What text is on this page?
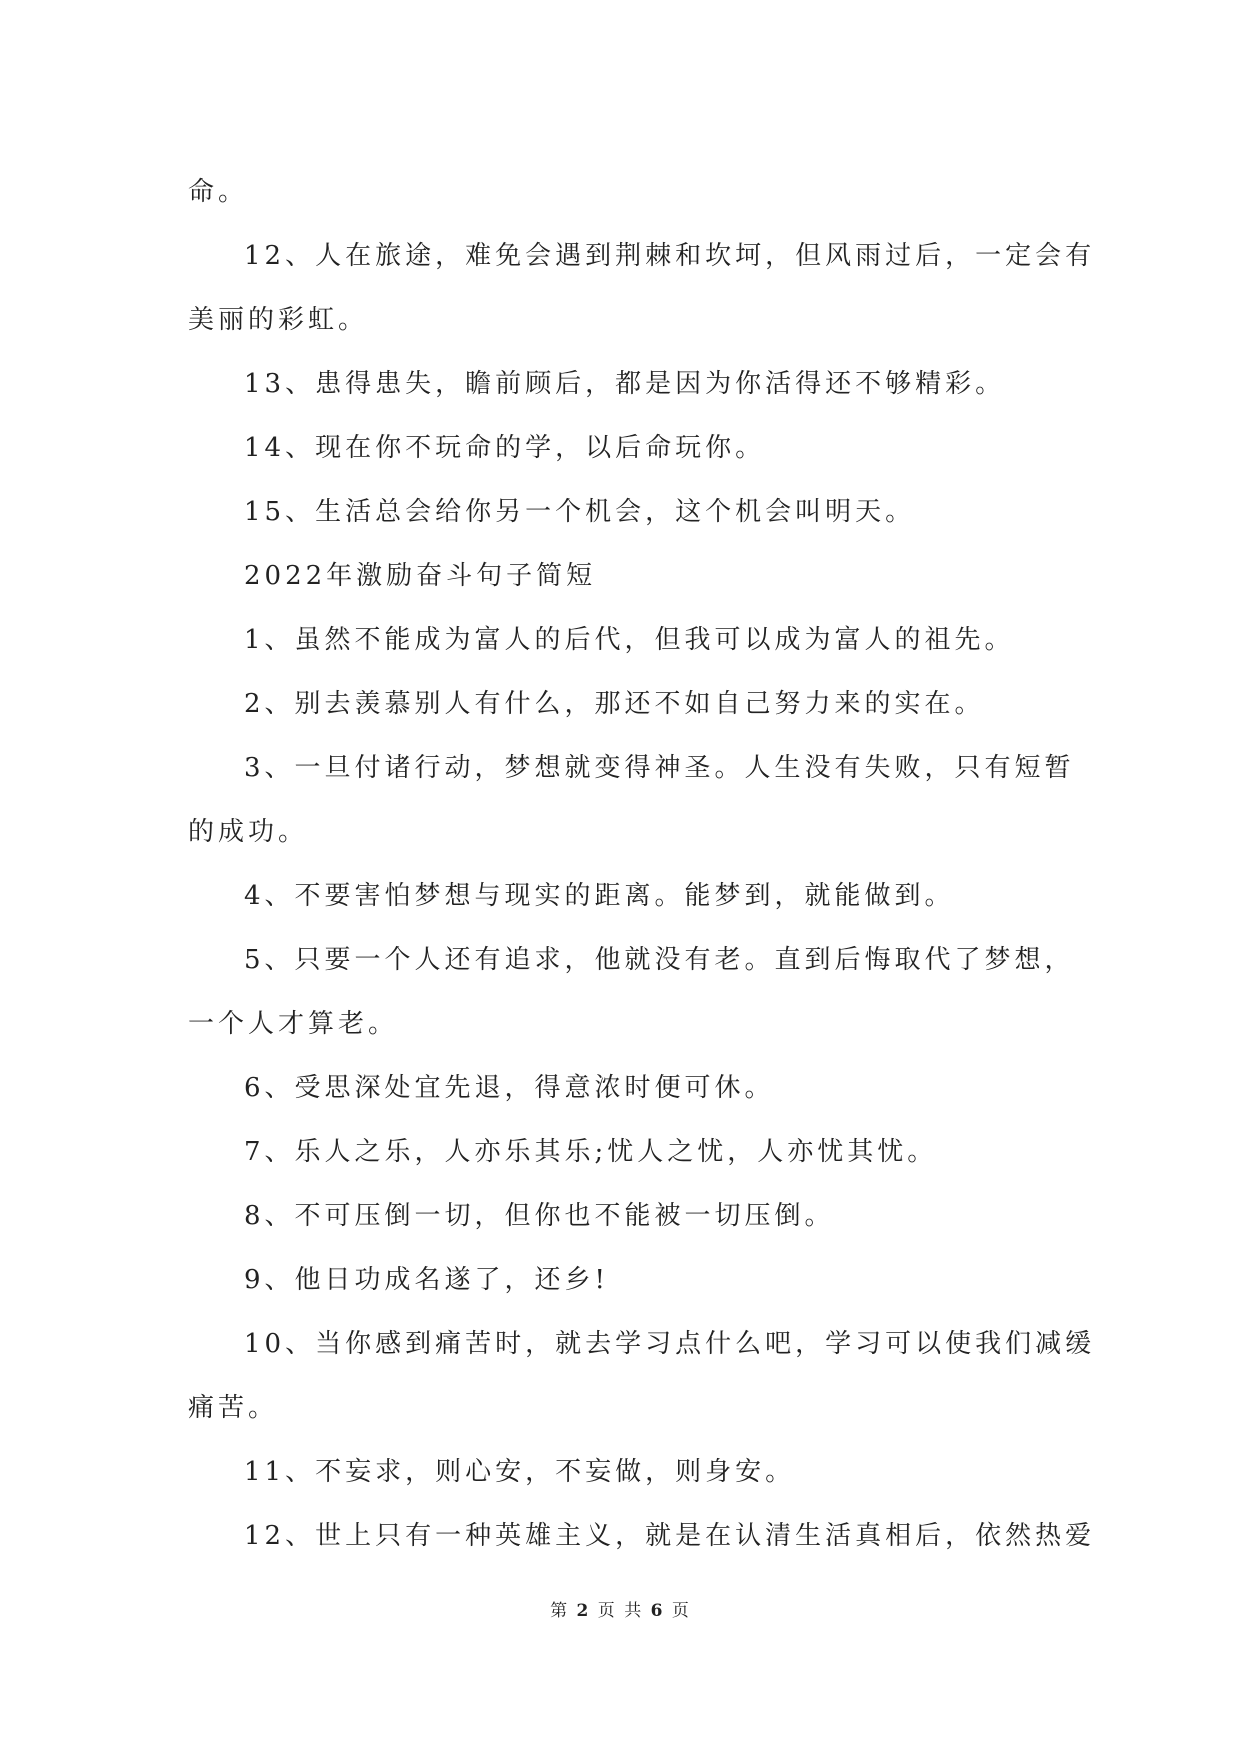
命。
12、人在旅途，难免会遇到荆棘和坎坷，但风雨过后，一定会有
美丽的彩虹。
13、患得患失，瞻前顾后，都是因为你活得还不够精彩。
14、现在你不玩命的学，以后命玩你。
15、生活总会给你另一个机会，这个机会叫明天。
2022年激励奋斗句子简短
1、虽然不能成为富人的后代，但我可以成为富人的祖先。
2、别去羡慕别人有什么，那还不如自己努力来的实在。
3、一旦付诸行动，梦想就变得神圣。人生没有失败，只有短暂
的成功。
4、不要害怕梦想与现实的距离。能梦到，就能做到。
5、只要一个人还有追求，他就没有老。直到后悔取代了梦想，
一个人才算老。
6、受思深处宜先退，得意浓时便可休。
7、乐人之乐，人亦乐其乐;忧人之忧，人亦忧其忧。
8、不可压倒一切，但你也不能被一切压倒。
9、他日功成名遂了，还乡!
10、当你感到痛苦时，就去学习点什么吧，学习可以使我们减缓
痛苦。
11、不妄求，则心安，不妄做，则身安。
12、世上只有一种英雄主义，就是在认清生活真相后，依然热爱
第 2 页 共 6 页
